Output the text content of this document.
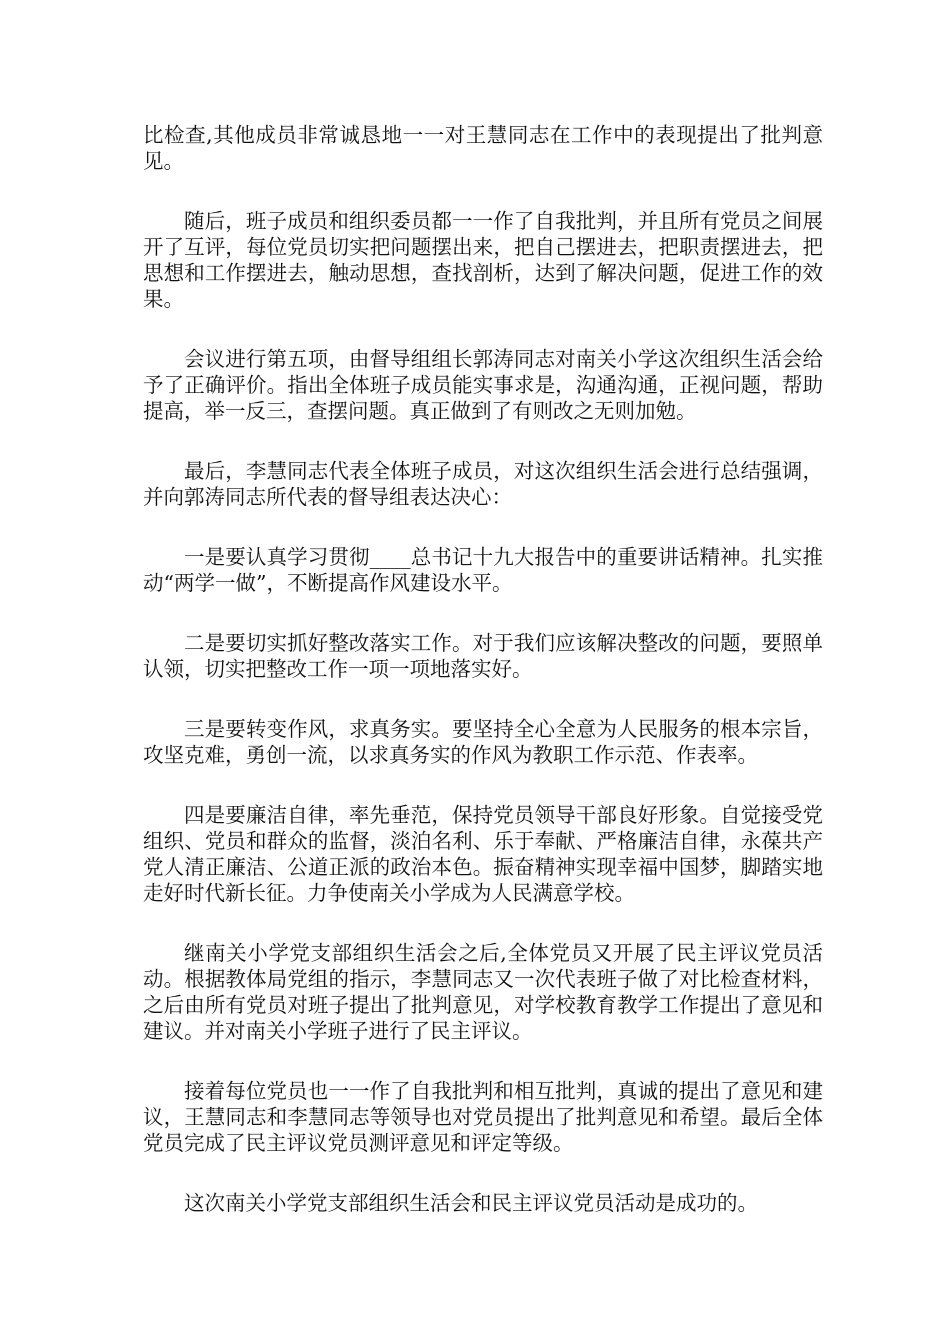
比检查,其他成员非常诚恳地一一对王慧同志在工作中的表现提出了批判意见。

随后，班子成员和组织委员都一一作了自我批判，并且所有党员之间展开了互评，每位党员切实把问题摆出来，把自己摆进去，把职责摆进去，把思想和工作摆进去，触动思想，查找剖析，达到了解决问题，促进工作的效果。

会议进行第五项，由督导组组长郭涛同志对南关小学这次组织生活会给予了正确评价。指出全体班子成员能实事求是，沟通沟通，正视问题，帮助提高，举一反三，查摆问题。真正做到了有则改之无则加勉。

最后，李慧同志代表全体班子成员，对这次组织生活会进行总结强调，并向郭涛同志所代表的督导组表达决心：

一是要认真学习贯彻____总书记十九大报告中的重要讲话精神。扎实推动“两学一做”，不断提高作风建设水平。

二是要切实抓好整改落实工作。对于我们应该解决整改的问题，要照单认领，切实把整改工作一项一项地落实好。

三是要转变作风，求真务实。要坚持全心全意为人民服务的根本宗旨，攻坚克难，勇创一流，以求真务实的作风为教职工作示范、作表率。

四是要廉洁自律，率先垂范，保持党员领导干部良好形象。自觉接受党组织、党员和群众的监督，淡泊名利、乐于奉献、严格廉洁自律，永葆共产党人清正廉洁、公道正派的政治本色。振奋精神实现幸福中国梦，脚踏实地走好时代新长征。力争使南关小学成为人民满意学校。

继南关小学党支部组织生活会之后,全体党员又开展了民主评议党员活动。根据教体局党组的指示，李慧同志又一次代表班子做了对比检查材料，之后由所有党员对班子提出了批判意见，对学校教育教学工作提出了意见和建议。并对南关小学班子进行了民主评议。

接着每位党员也一一作了自我批判和相互批判，真诚的提出了意见和建议，王慧同志和李慧同志等领导也对党员提出了批判意见和希望。最后全体党员完成了民主评议党员测评意见和评定等级。

这次南关小学党支部组织生活会和民主评议党员活动是成功的。
